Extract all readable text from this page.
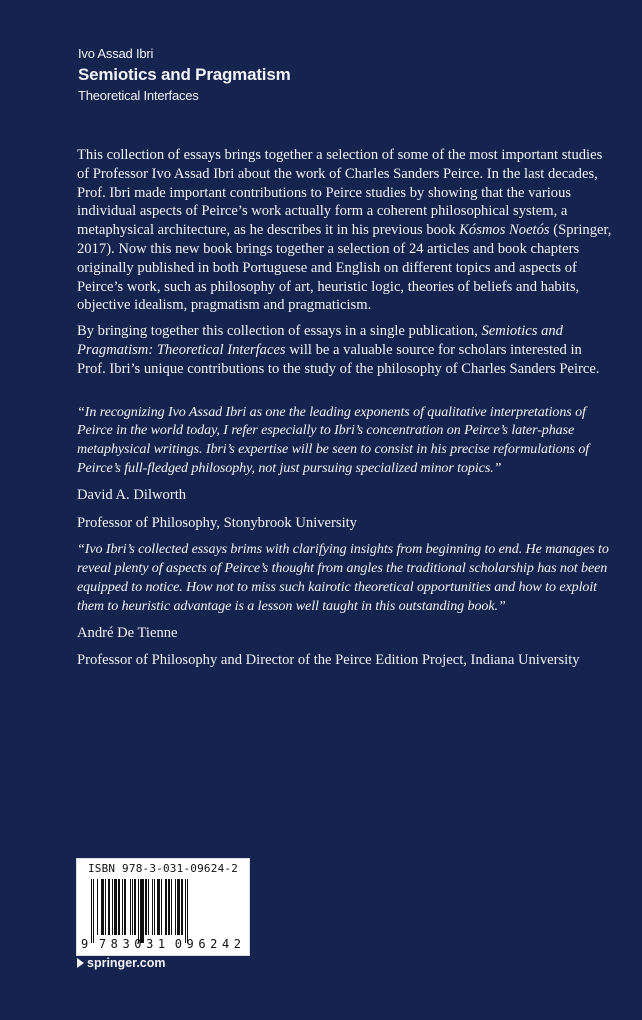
Ivo Assad Ibri
Semiotics and Pragmatism
Theoretical Interfaces

This collection of essays brings together a selection of some of the most important studies of Professor Ivo Assad Ibri about the work of Charles Sanders Peirce. In the last decades, Prof. Ibri made important contributions to Peirce studies by showing that the various individual aspects of Peirce’s work actually form a coherent philosophical system, a metaphysical architecture, as he describes it in his previous book Kósmos Noetós (Springer, 2017). Now this new book brings together a selection of 24 articles and book chapters originally published in both Portuguese and English on different topics and aspects of Peirce’s work, such as philosophy of art, heuristic logic, theories of beliefs and habits, objective idealism, pragmatism and pragmaticism.

By bringing together this collection of essays in a single publication, Semiotics and Pragmatism: Theoretical Interfaces will be a valuable source for scholars interested in Prof. Ibri’s unique contributions to the study of the philosophy of Charles Sanders Peirce.

“In recognizing Ivo Assad Ibri as one the leading exponents of qualitative interpretations of Peirce in the world today, I refer especially to Ibri’s concentration on Peirce’s later-phase metaphysical writings. Ibri’s expertise will be seen to consist in his precise reformulations of Peirce’s full-fledged philosophy, not just pursuing specialized minor topics.”

David A. Dilworth

Professor of Philosophy, Stonybrook University

“Ivo Ibri’s collected essays brims with clarifying insights from beginning to end. He manages to reveal plenty of aspects of Peirce’s thought from angles the traditional scholarship has not been equipped to notice. How not to miss such kairotic theoretical opportunities and how to exploit them to heuristic advantage is a lesson well taught in this outstanding book.”

André De Tienne

Professor of Philosophy and Director of the Peirce Edition Project, Indiana University

ISBN 978-3-031-09624-2
9 7 8 3 0 3 1 0 9 6 2 4 2
springer.com
